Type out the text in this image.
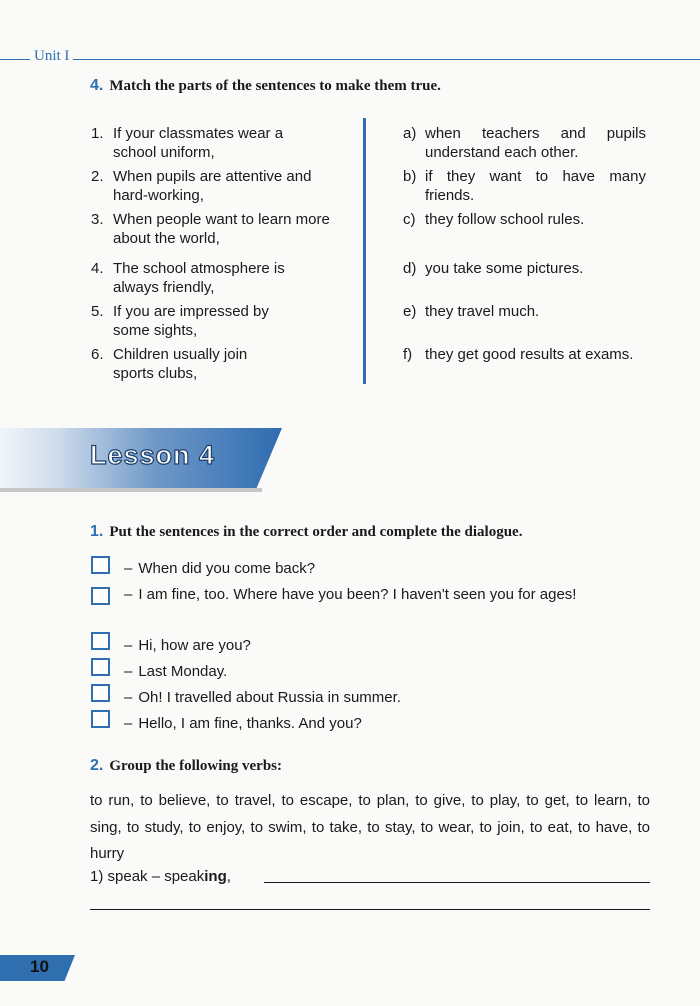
Unit I
4. Match the parts of the sentences to make them true.
1. If your classmates wear a school uniform,
2. When pupils are attentive and hard-working,
3. When people want to learn more about the world,
4. The school atmosphere is always friendly,
5. If you are impressed by some sights,
6. Children usually join sports clubs,
a) when teachers and pupils understand each other.
b) if they want to have many friends.
c) they follow school rules.
d) you take some pictures.
e) they travel much.
f) they get good results at exams.
Lesson 4
1. Put the sentences in the correct order and complete the dialogue.
– When did you come back?
– I am fine, too. Where have you been? I haven't seen you for ages!
– Hi, how are you?
– Last Monday.
– Oh! I travelled about Russia in summer.
– Hello, I am fine, thanks. And you?
2. Group the following verbs:
to run, to believe, to travel, to escape, to plan, to give, to play, to get, to learn, to sing, to study, to enjoy, to swim, to take, to stay, to wear, to join, to eat, to have, to hurry
1) speak – speaking,
10
